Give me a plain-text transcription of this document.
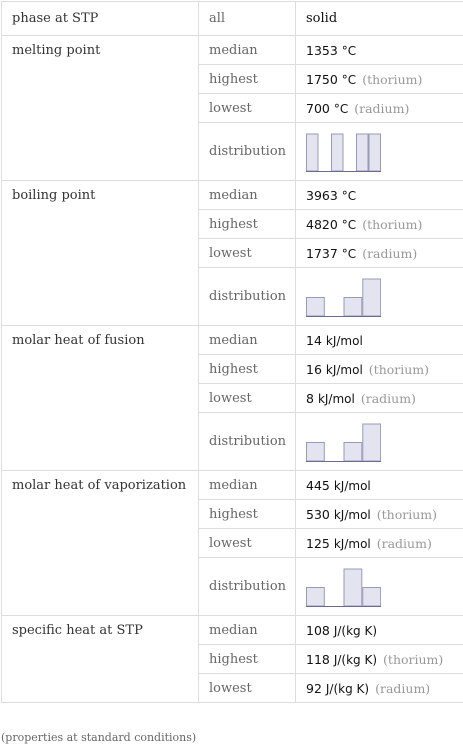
phase at STP	all	solid
melting point	median	1353 °C
	highest	1750 °C (thorium)
	lowest	700 °C (radium)
	distribution	

boiling point	median	3963 °C
	highest	4820 °C (thorium)
	lowest	1737 °C (radium)
	distribution	

molar heat of fusion	median	14 kJ/mol
	highest	16 kJ/mol (thorium)
	lowest	8 kJ/mol (radium)
	distribution	

molar heat of vaporization	median	445 kJ/mol
	highest	530 kJ/mol (thorium)
	lowest	125 kJ/mol (radium)
	distribution	

specific heat at STP	median	108 J/(kg K)
	highest	118 J/(kg K) (thorium)
	lowest	92 J/(kg K) (radium)
(properties at standard conditions)
